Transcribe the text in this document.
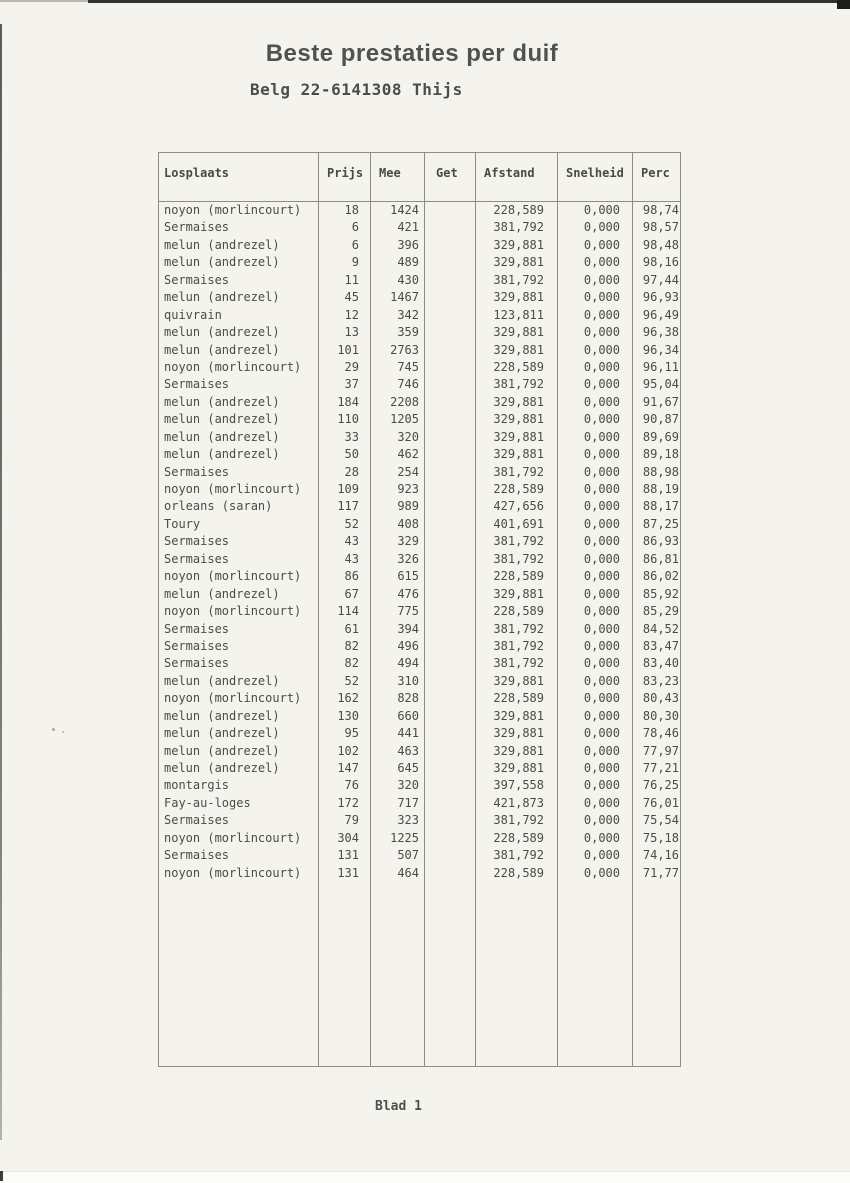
Beste prestaties per duif
Belg 22-6141308 Thijs
Losplaats
noyon (morlincourt)
Sermaises
melun (andrezel)
melun (andrezel)
Sermaises
melun (andrezel)
quivrain
melun (andrezel)
melun (andrezel)
noyon (morlincourt)
Sermaises
melun (andrezel)
melun (andrezel)
melun (andrezel)
melun (andrezel)
Sermaises
noyon (morlincourt)
orleans (saran)
Toury
Sermaises
Sermaises
noyon (morlincourt)
melun (andrezel)
noyon (morlincourt)
Sermaises
Sermaises
Sermaises
melun (andrezel)
noyon (morlincourt)
melun (andrezel)
melun (andrezel)
melun (andrezel)
melun (andrezel)
montargis
Fay-au-loges
Sermaises
noyon (morlincourt)
Sermaises
noyon (morlincourt)
Prijs
18
6
6
9
11
45
12
13
101
29
37
184
110
33
50
28
109
117
52
43
43
86
67
114
61
82
82
52
162
130
95
102
147
76
172
79
304
131
131
Mee
1424
421
396
489
430
1467
342
359
2763
745
746
2208
1205
320
462
254
923
989
408
329
326
615
476
775
394
496
494
310
828
660
441
463
645
320
717
323
1225
507
464
Get	Afstand
228,589
381,792
329,881
329,881
381,792
329,881
123,811
329,881
329,881
228,589
381,792
329,881
329,881
329,881
329,881
381,792
228,589
427,656
401,691
381,792
381,792
228,589
329,881
228,589
381,792
381,792
381,792
329,881
228,589
329,881
329,881
329,881
329,881
397,558
421,873
381,792
228,589
381,792
228,589
Snelheid
0,000
0,000
0,000
0,000
0,000
0,000
0,000
0,000
0,000
0,000
0,000
0,000
0,000
0,000
0,000
0,000
0,000
0,000
0,000
0,000
0,000
0,000
0,000
0,000
0,000
0,000
0,000
0,000
0,000
0,000
0,000
0,000
0,000
0,000
0,000
0,000
0,000
0,000
0,000
Perc
98,74
98,57
98,48
98,16
97,44
96,93
96,49
96,38
96,34
96,11
95,04
91,67
90,87
89,69
89,18
88,98
88,19
88,17
87,25
86,93
86,81
86,02
85,92
85,29
84,52
83,47
83,40
83,23
80,43
80,30
78,46
77,97
77,21
76,25
76,01
75,54
75,18
74,16
71,77
Blad 1
